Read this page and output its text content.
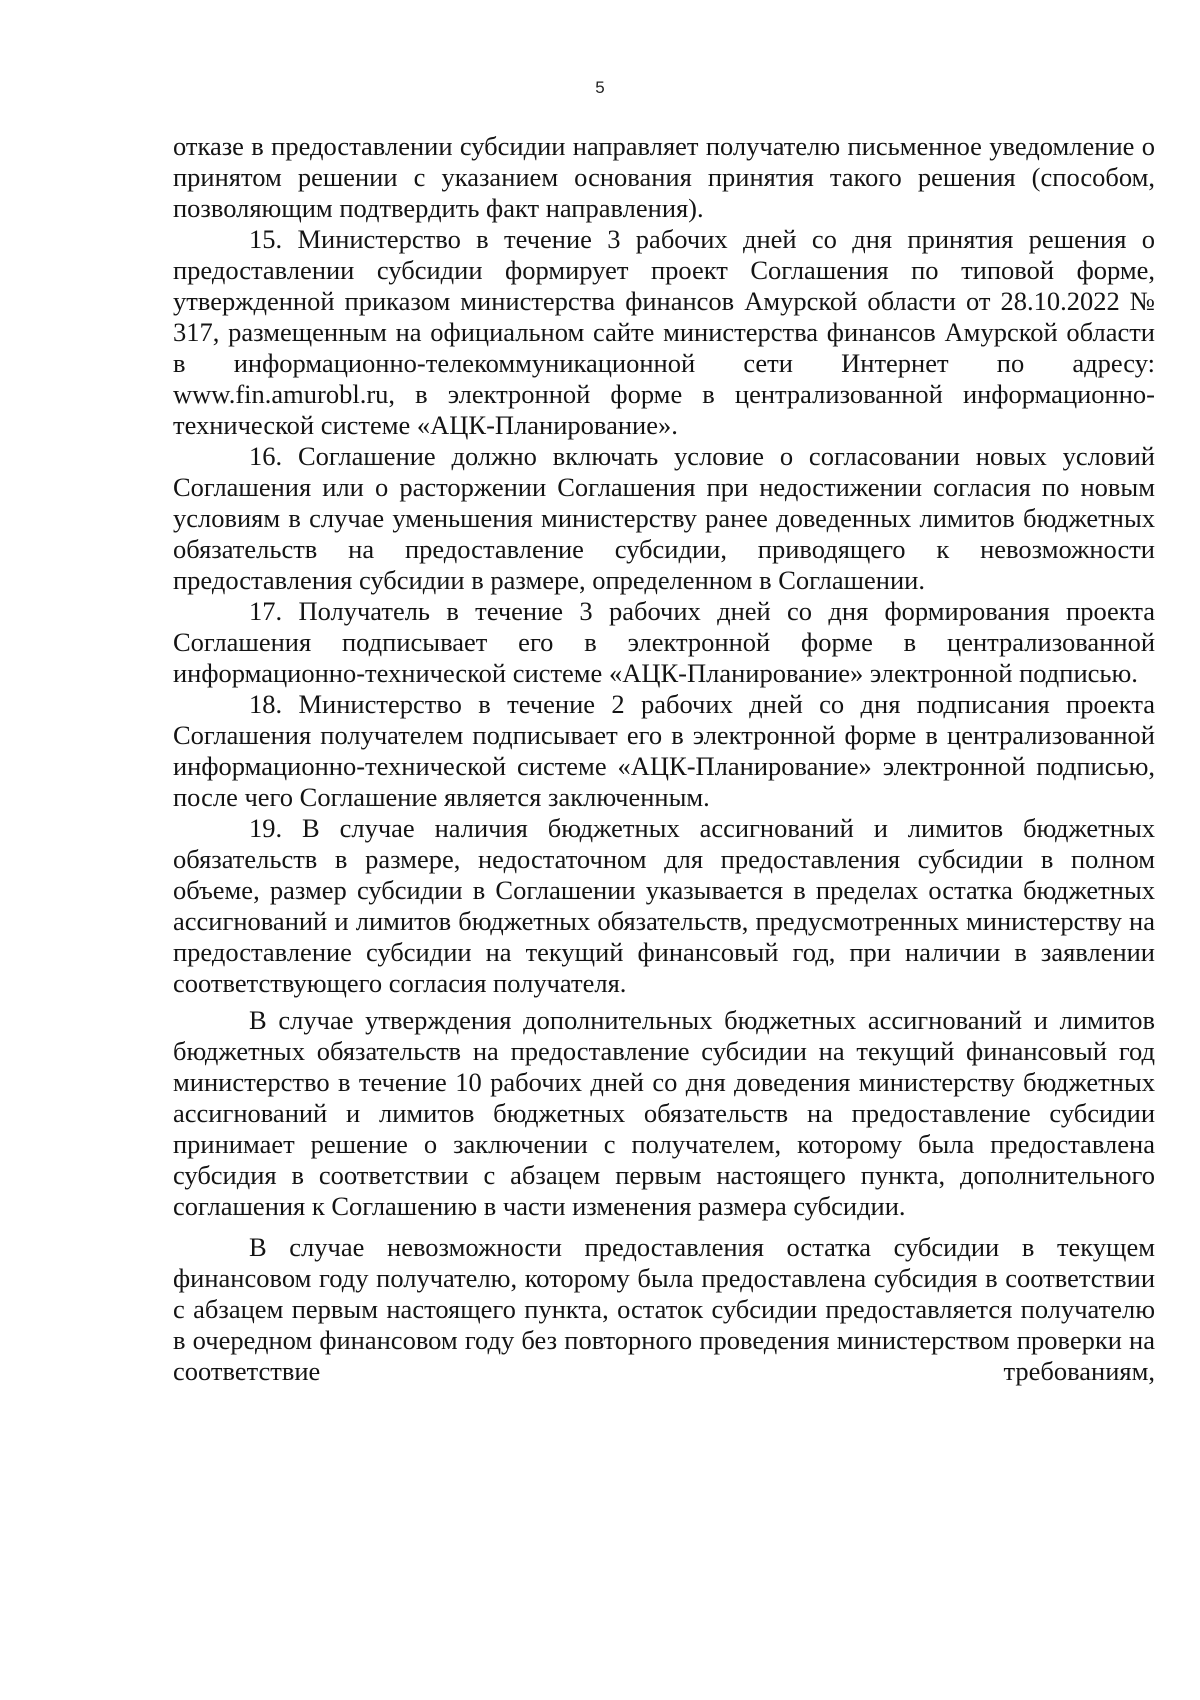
5

отказе в предоставлении субсидии направляет получателю письменное уведомление о принятом решении с указанием основания принятия такого решения (способом, позволяющим подтвердить факт направления).

15. Министерство в течение 3 рабочих дней со дня принятия решения о предоставлении субсидии формирует проект Соглашения по типовой форме, утвержденной приказом министерства финансов Амурской области от 28.10.2022 № 317, размещенным на официальном сайте министерства финансов Амурской области в информационно-телекоммуникационной сети Интернет по адресу: www.fin.amurobl.ru, в электронной форме в централизованной информационно-технической системе «АЦК-Планирование».

16. Соглашение должно включать условие о согласовании новых условий Соглашения или о расторжении Соглашения при недостижении согласия по новым условиям в случае уменьшения министерству ранее доведенных лимитов бюджетных обязательств на предоставление субсидии, приводящего к невозможности предоставления субсидии в размере, определенном в Соглашении.

17. Получатель в течение 3 рабочих дней со дня формирования проекта Соглашения подписывает его в электронной форме в централизованной информационно-технической системе «АЦК-Планирование» электронной подписью.

18. Министерство в течение 2 рабочих дней со дня подписания проекта Соглашения получателем подписывает его в электронной форме в централизованной информационно-технической системе «АЦК-Планирование» электронной подписью, после чего Соглашение является заключенным.

19. В случае наличия бюджетных ассигнований и лимитов бюджетных обязательств в размере, недостаточном для предоставления субсидии в полном объеме, размер субсидии в Соглашении указывается в пределах остатка бюджетных ассигнований и лимитов бюджетных обязательств, предусмотренных министерству на предоставление субсидии на текущий финансовый год, при наличии в заявлении соответствующего согласия получателя.

В случае утверждения дополнительных бюджетных ассигнований и лимитов бюджетных обязательств на предоставление субсидии на текущий финансовый год министерство в течение 10 рабочих дней со дня доведения министерству бюджетных ассигнований и лимитов бюджетных обязательств на предоставление субсидии принимает решение о заключении с получателем, которому была предоставлена субсидия в соответствии с абзацем первым настоящего пункта, дополнительного соглашения к Соглашению в части изменения размера субсидии.

В случае невозможности предоставления остатка субсидии в текущем финансовом году получателю, которому была предоставлена субсидия в соответствии с абзацем первым настоящего пункта, остаток субсидии предоставляется получателю в очередном финансовом году без повторного проведения министерством проверки на соответствие требованиям,
